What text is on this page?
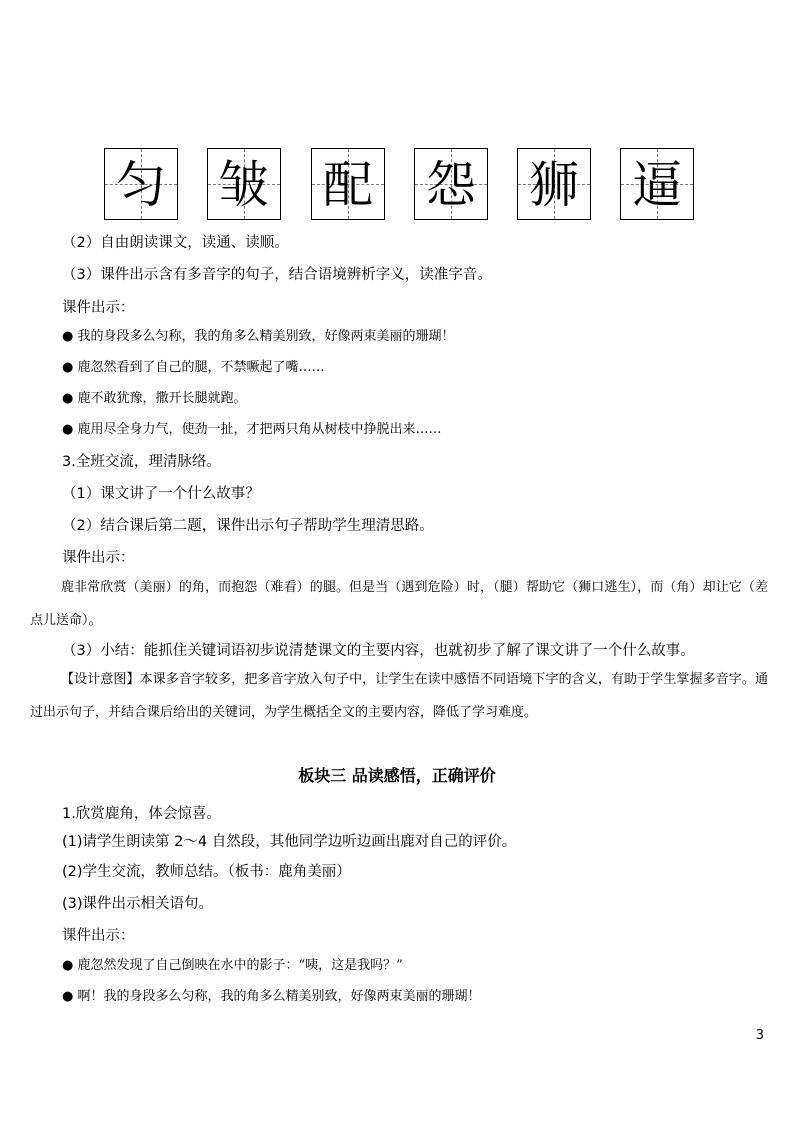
匀 皱 配 怨 狮 逼

（2）自由朗读课文，读通、读顺。

（3）课件出示含有多音字的句子，结合语境辨析字义，读准字音。

课件出示：

● 我的身段多么匀称，我的角多么精美别致，好像两束美丽的珊瑚！

● 鹿忽然看到了自己的腿，不禁噘起了嘴……

● 鹿不敢犹豫，撒开长腿就跑。

● 鹿用尽全身力气，使劲一扯，才把两只角从树枝中挣脱出来……

3.全班交流，理清脉络。

（1）课文讲了一个什么故事？

（2）结合课后第二题，课件出示句子帮助学生理清思路。

课件出示：

鹿非常欣赏（美丽）的角，而抱怨（难看）的腿。但是当（遇到危险）时，（腿）帮助它（狮口逃生），而（角）却让它（差点儿送命）。

（3）小结：能抓住关键词语初步说清楚课文的主要内容，也就初步了解了课文讲了一个什么故事。

【设计意图】本课多音字较多，把多音字放入句子中，让学生在读中感悟不同语境下字的含义，有助于学生掌握多音字。通过出示句子，并结合课后给出的关键词，为学生概括全文的主要内容，降低了学习难度。

板块三 品读感悟，正确评价

1.欣赏鹿角，体会惊喜。

(1)请学生朗读第 2～4 自然段，其他同学边听边画出鹿对自己的评价。

(2)学生交流，教师总结。（板书：鹿角美丽）

(3)课件出示相关语句。

课件出示：

● 鹿忽然发现了自己倒映在水中的影子：“咦，这是我吗？”

● 啊！我的身段多么匀称，我的角多么精美别致，好像两束美丽的珊瑚！

3
